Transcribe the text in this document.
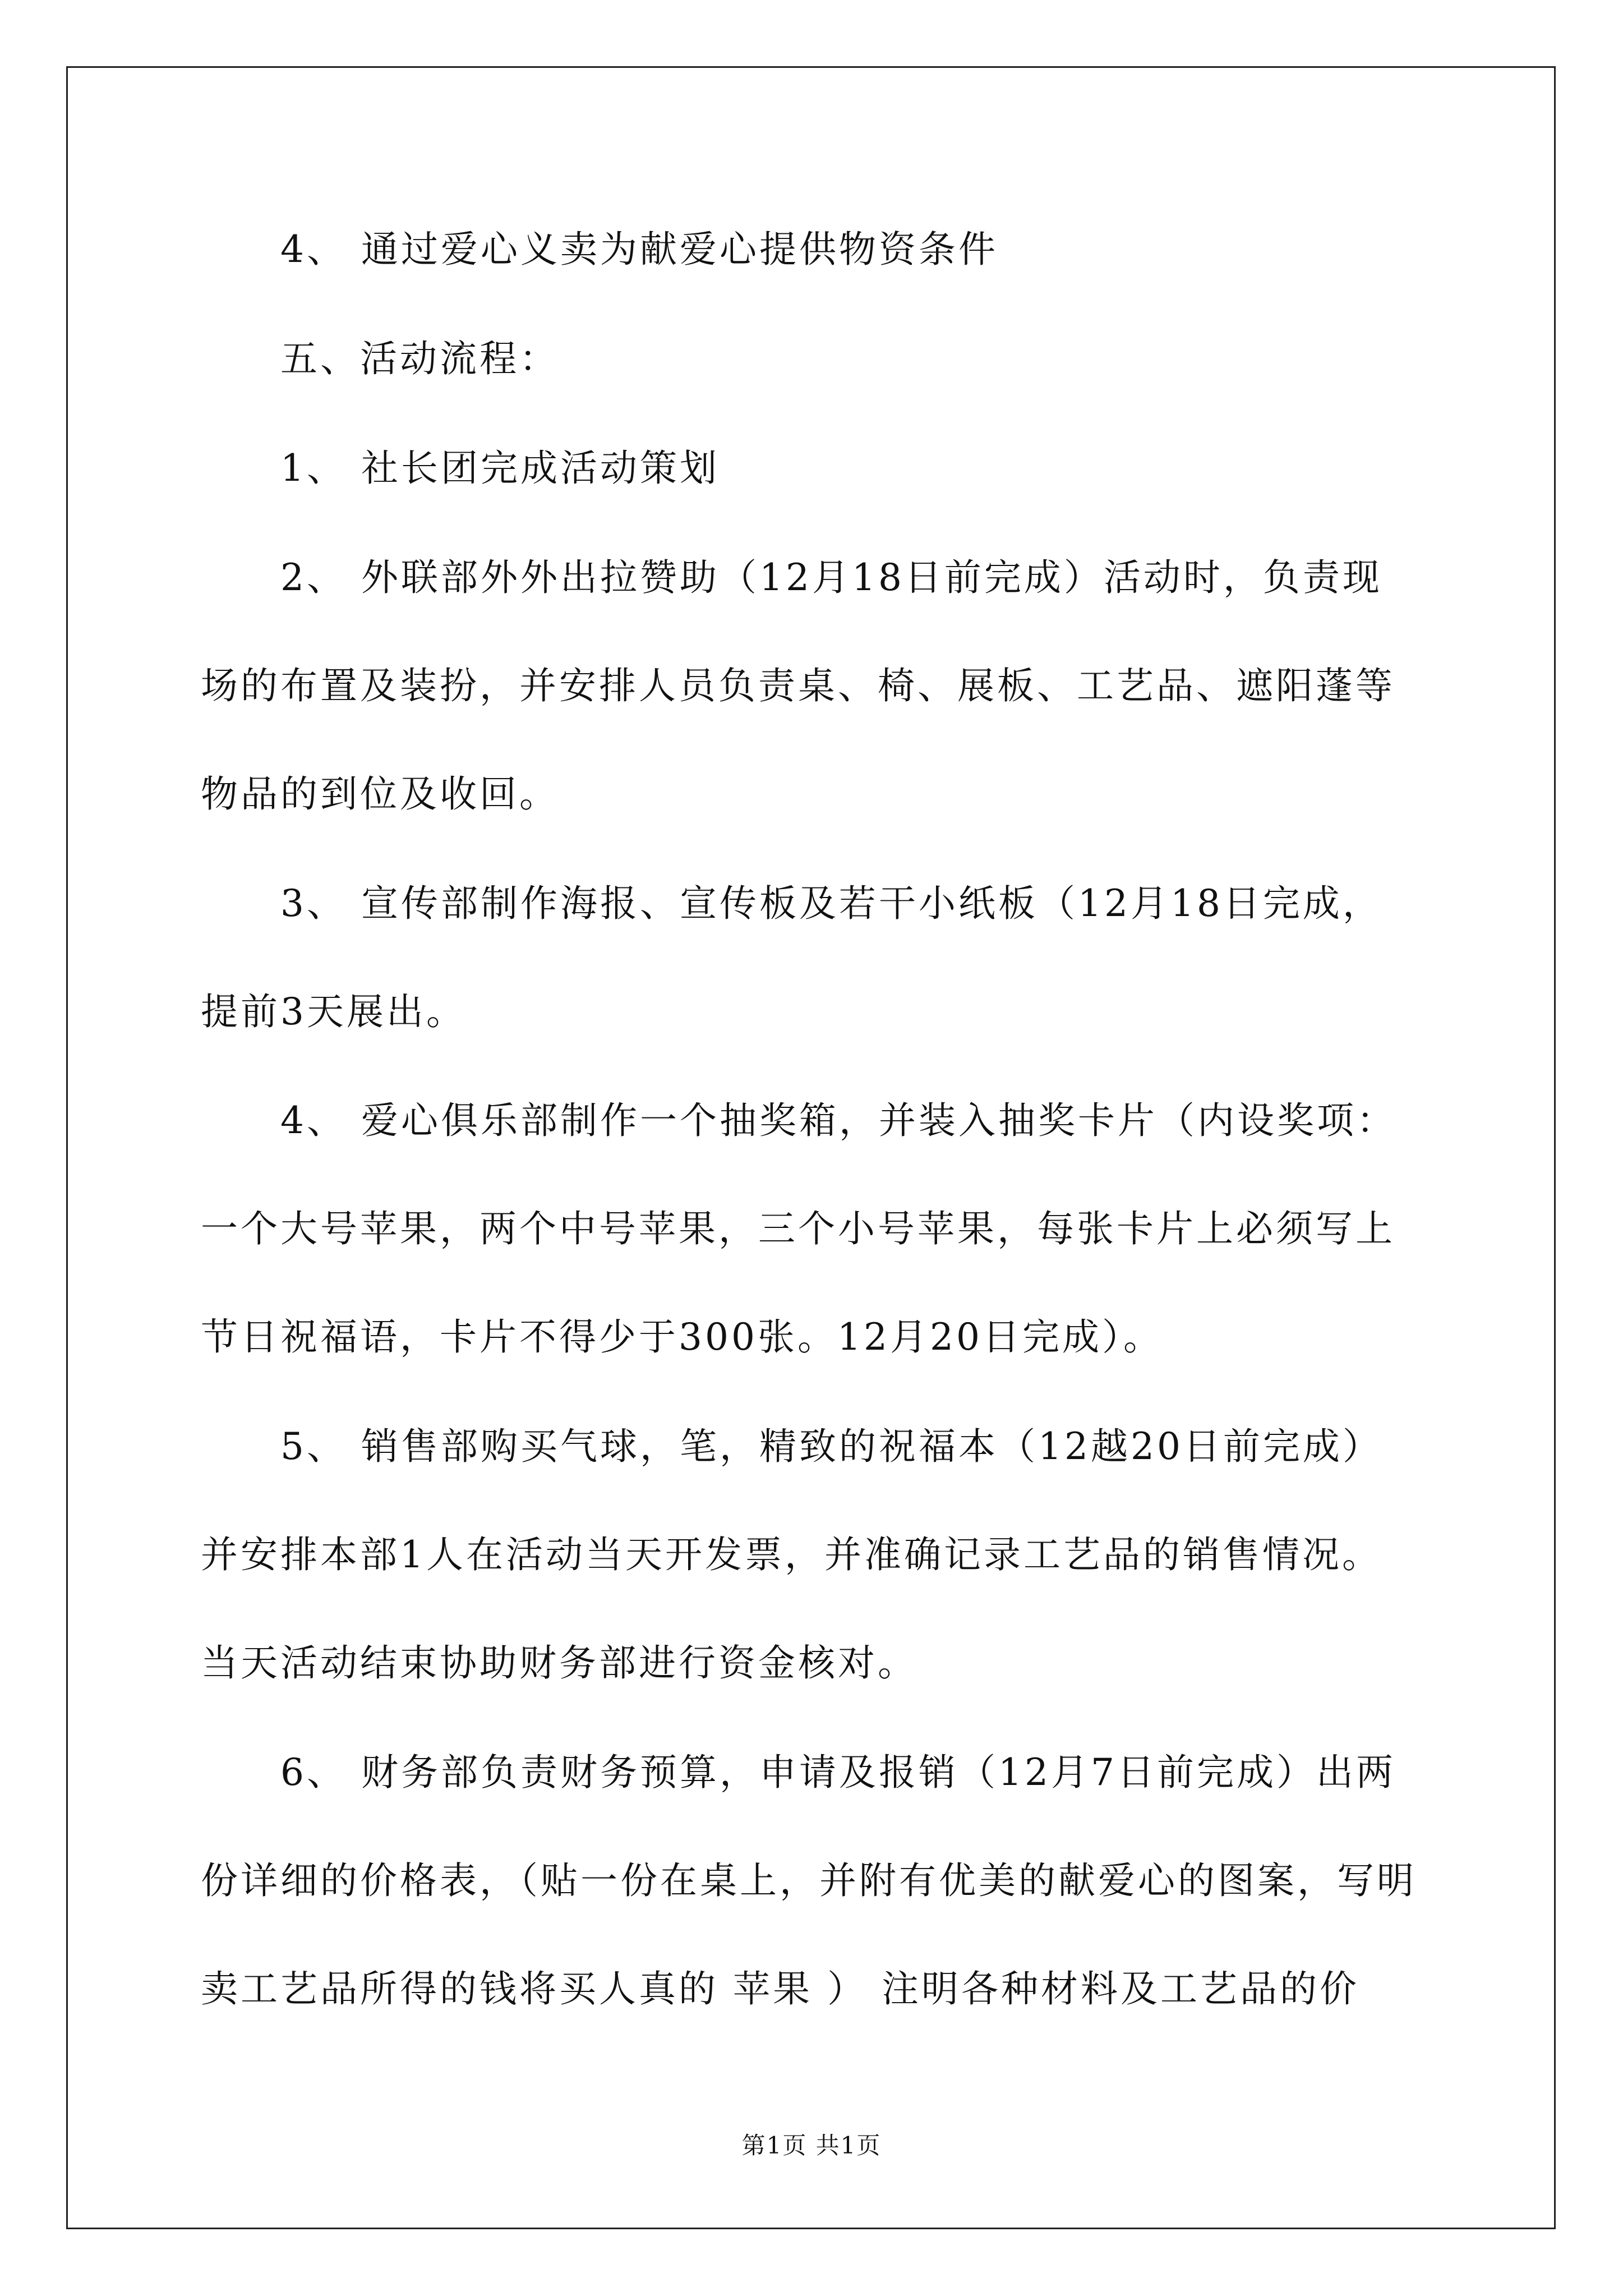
4、 通过爱心义卖为献爱心提供物资条件
五、活动流程：
1、 社长团完成活动策划
2、 外联部外外出拉赞助（12月18日前完成）活动时，负责现
场的布置及装扮，并安排人员负责桌、椅、展板、工艺品、遮阳蓬等
物品的到位及收回。
3、 宣传部制作海报、宣传板及若干小纸板（12月18日完成，
提前3天展出。
4、 爱心俱乐部制作一个抽奖箱，并装入抽奖卡片（内设奖项：
一个大号苹果，两个中号苹果，三个小号苹果，每张卡片上必须写上
节日祝福语，卡片不得少于300张。12月20日完成）。
5、 销售部购买气球，笔，精致的祝福本（12越20日前完成）
并安排本部1人在活动当天开发票，并准确记录工艺品的销售情况。
当天活动结束协助财务部进行资金核对。
6、 财务部负责财务预算，申请及报销（12月7日前完成）出两
份详细的价格表，（贴一份在桌上，并附有优美的献爱心的图案，写明
卖工艺品所得的钱将买人真的 苹果 ） 注明各种材料及工艺品的价
第1页 共1页
